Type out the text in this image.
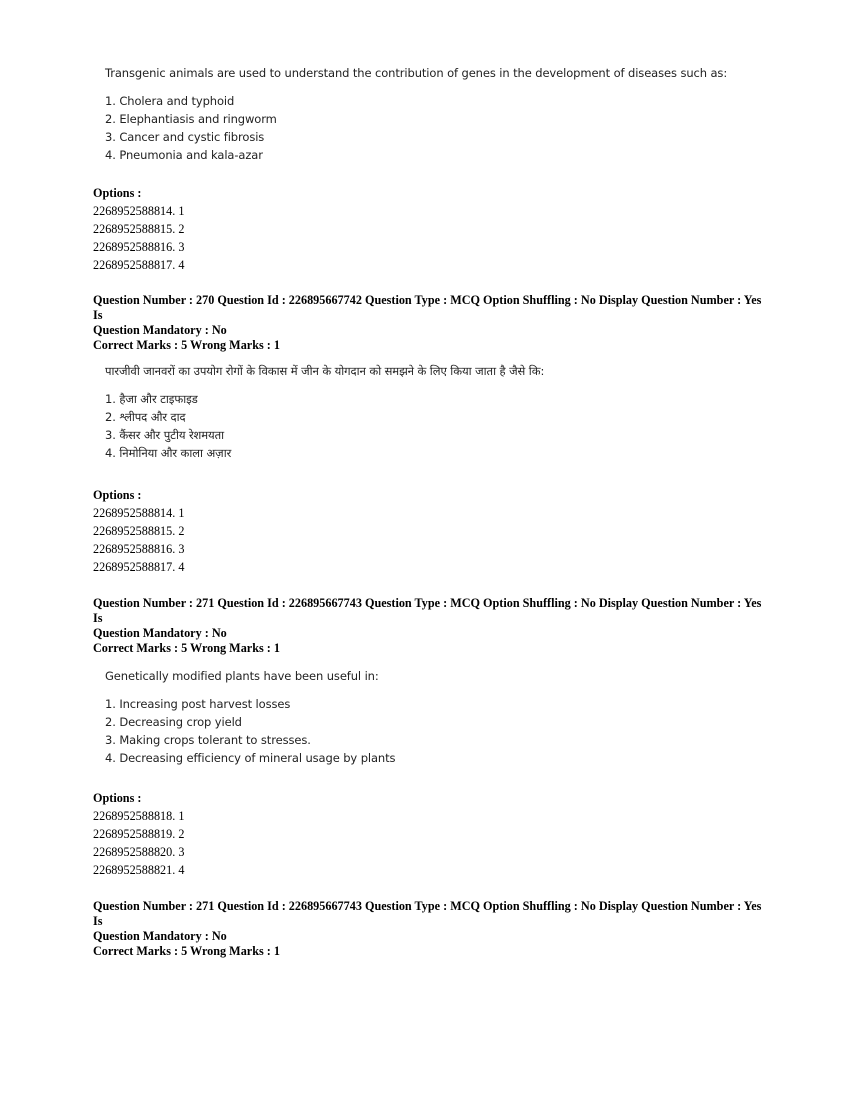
Transgenic animals are used to understand the contribution of genes in the development of diseases such as:

1. Cholera and typhoid
2. Elephantiasis and ringworm
3. Cancer and cystic fibrosis
4. Pneumonia and kala-azar
Options :
2268952588814. 1
2268952588815. 2
2268952588816. 3
2268952588817. 4
Question Number : 270 Question Id : 226895667742 Question Type : MCQ Option Shuffling : No Display Question Number : Yes Is
Question Mandatory : No
Correct Marks : 5 Wrong Marks : 1

पारजीवी जानवरों का उपयोग रोगों के विकास में जीन के योगदान को समझने के लिए किया जाता है जैसे कि:

1. हैजा और टाइफाइड
2. श्लीपद और दाद
3. कैंसर और पुटीय रेशमयता
4. निमोनिया और काला अज़ार
Options :
2268952588814. 1
2268952588815. 2
2268952588816. 3
2268952588817. 4
Question Number : 271 Question Id : 226895667743 Question Type : MCQ Option Shuffling : No Display Question Number : Yes Is
Question Mandatory : No
Correct Marks : 5 Wrong Marks : 1

Genetically modified plants have been useful in:

1. Increasing post harvest losses
2. Decreasing crop yield
3. Making crops tolerant to stresses.
4. Decreasing efficiency of mineral usage by plants
Options :
2268952588818. 1
2268952588819. 2
2268952588820. 3
2268952588821. 4
Question Number : 271 Question Id : 226895667743 Question Type : MCQ Option Shuffling : No Display Question Number : Yes Is
Question Mandatory : No
Correct Marks : 5 Wrong Marks : 1
